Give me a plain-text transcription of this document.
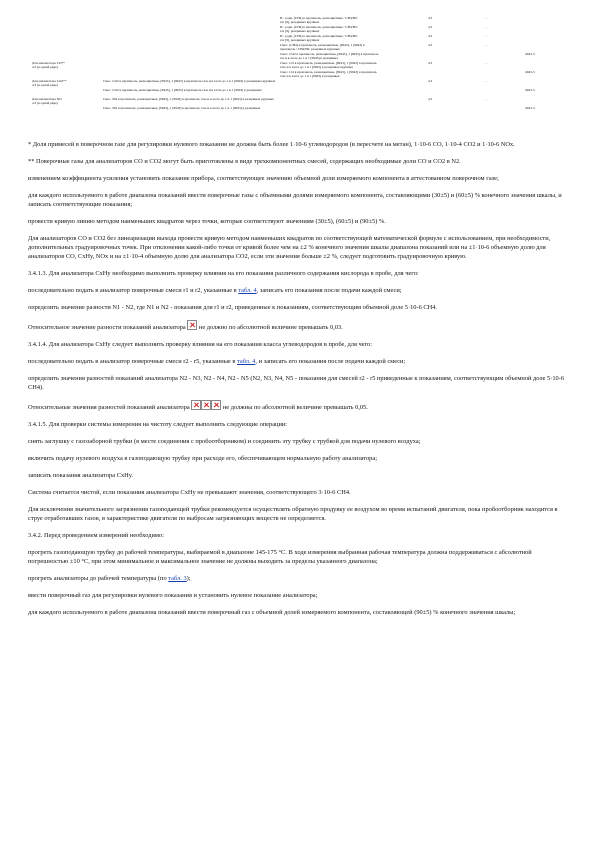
И - родн. (СН4) в пропаноль, разноцветные / СН4/H2:
газ [9], резервных крупных
4.3	-
И - родн. (СН4) в пропаноль, разноцветные / СН4/H2:
газ [9], резервных крупных
4.3	-
И - родн. (СН4) в пропаноль, разноцветные / СН4/H2:
газ [9], резервных крупных
4.3	-
Смес. (СН4) в пропаноль, разноцветные, [9943], 1 [9943] в
пропаноль / СН4/H2, резервных крупных
4.3	-
Смес. СО2 в пропаноль, разноцветные, [9943], 1 [9943] в пропаноль
газ и в азоте до 1 и 1 [9943] в резервных
4043-3
Для анализатора СО**
4.3 (в одной ряде)
Смес. СО в пропаноль, разноцветные, [9943], 1 [9943] в пропаноль
газе и в азоте до 1 и 1 [9943] в резервных крупных
4.3	-
Смес. СО в пропаноль, разноцветные, [9943], 1 [9943] в пропаноль
газе и в азоте до 1 и 1 [9943] в резервных
4043-3
Для анализатора СО2**
4.3 (в одной ряде)
Смес. СО2 в пропаноль, разноцветные, [9943], 1 [9943] в пропаноль газе и в азоте до 1 и 1 [9943] в резервных крупных	4.3	-
Смес. СО2 в пропаноль, разноцветные, [9943], 1 [9943] в пропаноль газе и в азоте до 1 и 1 [9943] в резервных	4043-3
Для анализатора NO
4.3 (в одной ряде)
Смес. NO в пропаноль, разноцветные, [9943], 1 [9943] в пропаноль газе и в азоте до 1 и 1 [9943] в резервных крупных	4.3	-
Смес. NO в пропаноль, разноцветные, [9943], 1 [9943] в пропаноль газе и в азоте до 1 и 1 [9943] в резервных	4043-3

* Доля примесей в поверочном газе для регулировки нулевого показания не должна быть более 1·10-6 углеводородов (в пересчете на метан), 1·10-6 СО, 1·10-4 СО2 и 1·10-6 NOx.

** Поверочные газы для анализаторов СО и СО2 могут быть приготовлены в виде трехкомпонентных смесей, содержащих необходимые доли СО и СО2 в N2.

изменением коэффициента усиления установить показание прибора, соответствующее значению объемной доли измеряемого компонента в аттестованном поверочном газе;

для каждого используемого в работе диапазона показаний ввести поверочные газы с объемными долями измеряемого компонента, составляющими (30±5) и (60±5) % конечного значения шкалы, и записать соответствующие показания;

провести кривую линию методом наименьших квадратов через точки, которые соответствуют значениям (30±5), (60±5) и (90±5) %.

Для анализаторов СО и СО2 без линеаризации выхода провести кривую методом наименьших квадратов по соответствующей математической формуле с использованием, при необходимости, дополнительных градуировочных точек. При отклонении какой-либо точки от кривой более чем на ±2 % конечного значения шкалы диапазона показаний или на ±1·10-6 объемную долю для анализаторов СО, СхНу, NOх и на ±1·10-4 объемную долю для анализатора СО2, если эти значения больше ±2 %, следует подготовить градуировочную кривую.

3.4.1.3. Для анализатора СхНу необходимо выполнить проверку влияния на его показания различного содержания кислорода в пробе, для чего:

последовательно подать в анализатор поверочные смеси r1 и r2, указанные в табл. 4, записать его показания после подачи каждой смеси;

определить значение разности N1 - N2, где N1 и N2 - показания для r1 и r2, приведенные к показаниям, соответствующим объемной доле 5·10-6 СН4.

Относительное значение разности показаний анализатора  не должно по абсолютной величине превышать 0,03.

3.4.1.4. Для анализатора СхНу следует выполнить проверку влияния на его показания класса углеводородов в пробе, для чего:

последовательно подать в анализатор поверочные смеси r2 - r5, указанные в табл. 4, и записать его показания после подачи каждой смеси;

определить значения разностей показаний анализатора N2 - N3, N2 - N4, N2 - N5 (N2, N3, N4, N5 - показания для смесей r2 - r5 приведенные к показаниям, соответствующим объемной доле 5·10-6 СН4).

Относительные значения разностей показаний анализатора	не должны по абсолютной величине превышать 0,05.

3.4.1.5. Для проверки системы измерения на чистоту следует выполнить следующие операции:

снять заглушку с газозаборной трубки (в месте соединения с пробоотборником) и соединить эту трубку с трубкой для подачи нулевого воздуха;

включить подачу нулевого воздуха в газоподающую трубку при расходе его, обеспечивающем нормальную работу анализатора;

записать показания анализатора СхНу.

Система считается чистой, если показания анализатора СхНу не превышают значения, соответствующего 3·10-6 СН4.

Для исключения значительного загрязнения газоподающей трубки рекомендуется осуществлять обратную продувку ее воздухом во время испытаний двигателя, пока пробоотборник находится в струе отработавших газов, в характеристике двигателя по выбросам загрязняющих веществ не определяется.

3.4.2. Перед проведением измерений необходимо:

прогреть газоподающую трубку до рабочей температуры, выбираемой в диапазоне 145-175 °С. В ходе измерения выбранная рабочая температура должна поддерживаться с абсолютной погрешностью ±10 °С, при этом минимальное и максимальное значение не должны выходить за пределы указанного диапазона;

прогреть анализаторы до рабочей температуры (по табл. 3);

ввести поверочный газ для регулировки нулевого показания и установить нулевое показание анализатора;

для каждого используемого в работе диапазона показаний ввести поверочный газ с объемной долей измеряемого компонента, составляющей (90±5) % конечного значения шкалы;
